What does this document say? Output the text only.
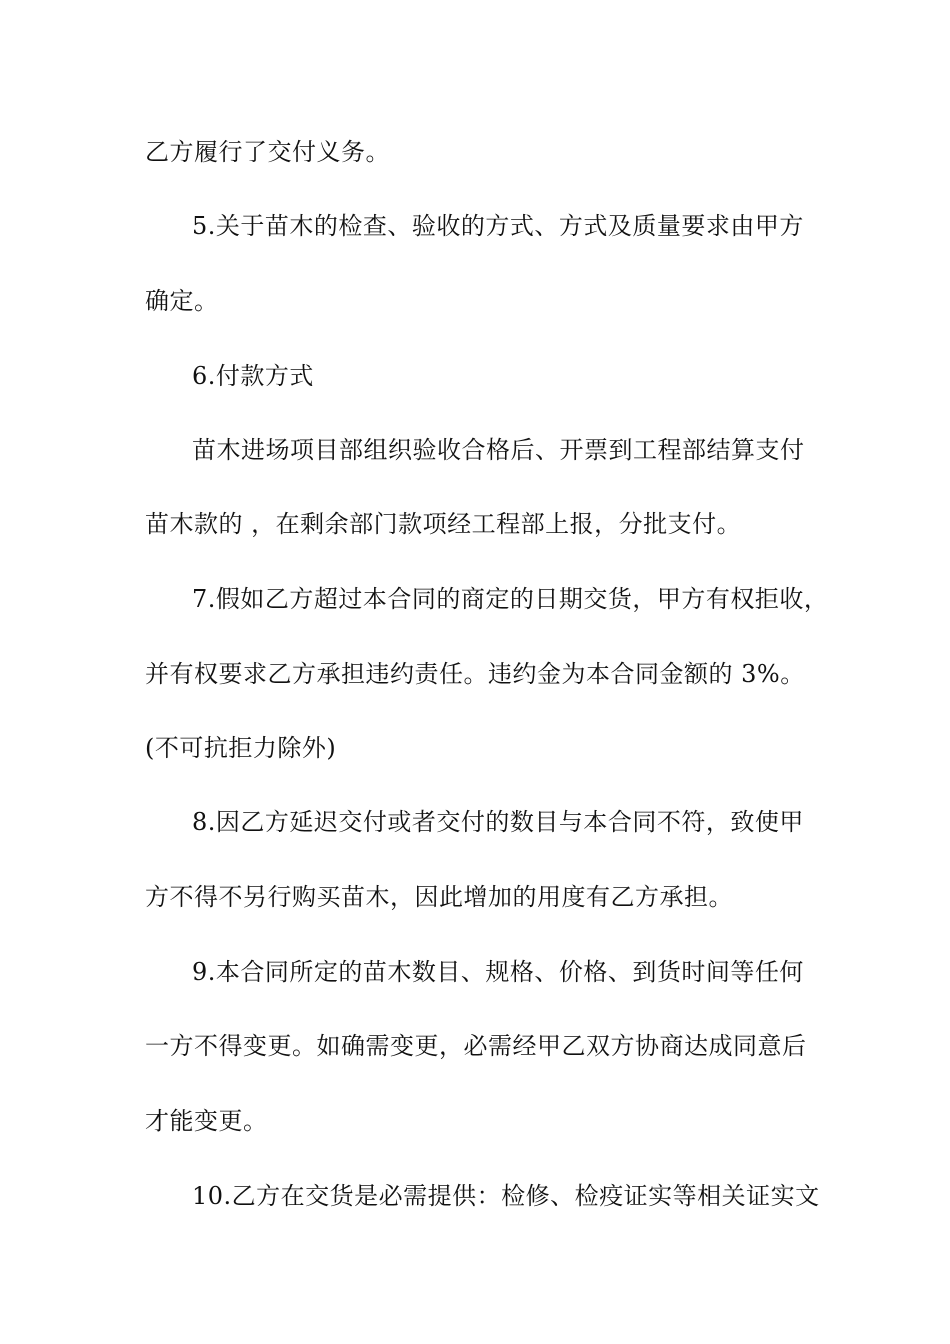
乙方履行了交付义务。
5.关于苗木的检查、验收的方式、方式及质量要求由甲方
确定。
6.付款方式
苗木进场项目部组织验收合格后、开票到工程部结算支付
苗木款的 ，在剩余部门款项经工程部上报，分批支付。
7.假如乙方超过本合同的商定的日期交货，甲方有权拒收，
并有权要求乙方承担违约责任。违约金为本合同金额的 3%。
(不可抗拒力除外)
8.因乙方延迟交付或者交付的数目与本合同不符，致使甲
方不得不另行购买苗木，因此增加的用度有乙方承担。
9.本合同所定的苗木数目、规格、价格、到货时间等任何
一方不得变更。如确需变更，必需经甲乙双方协商达成同意后
才能变更。
10.乙方在交货是必需提供：检修、检疫证实等相关证实文
